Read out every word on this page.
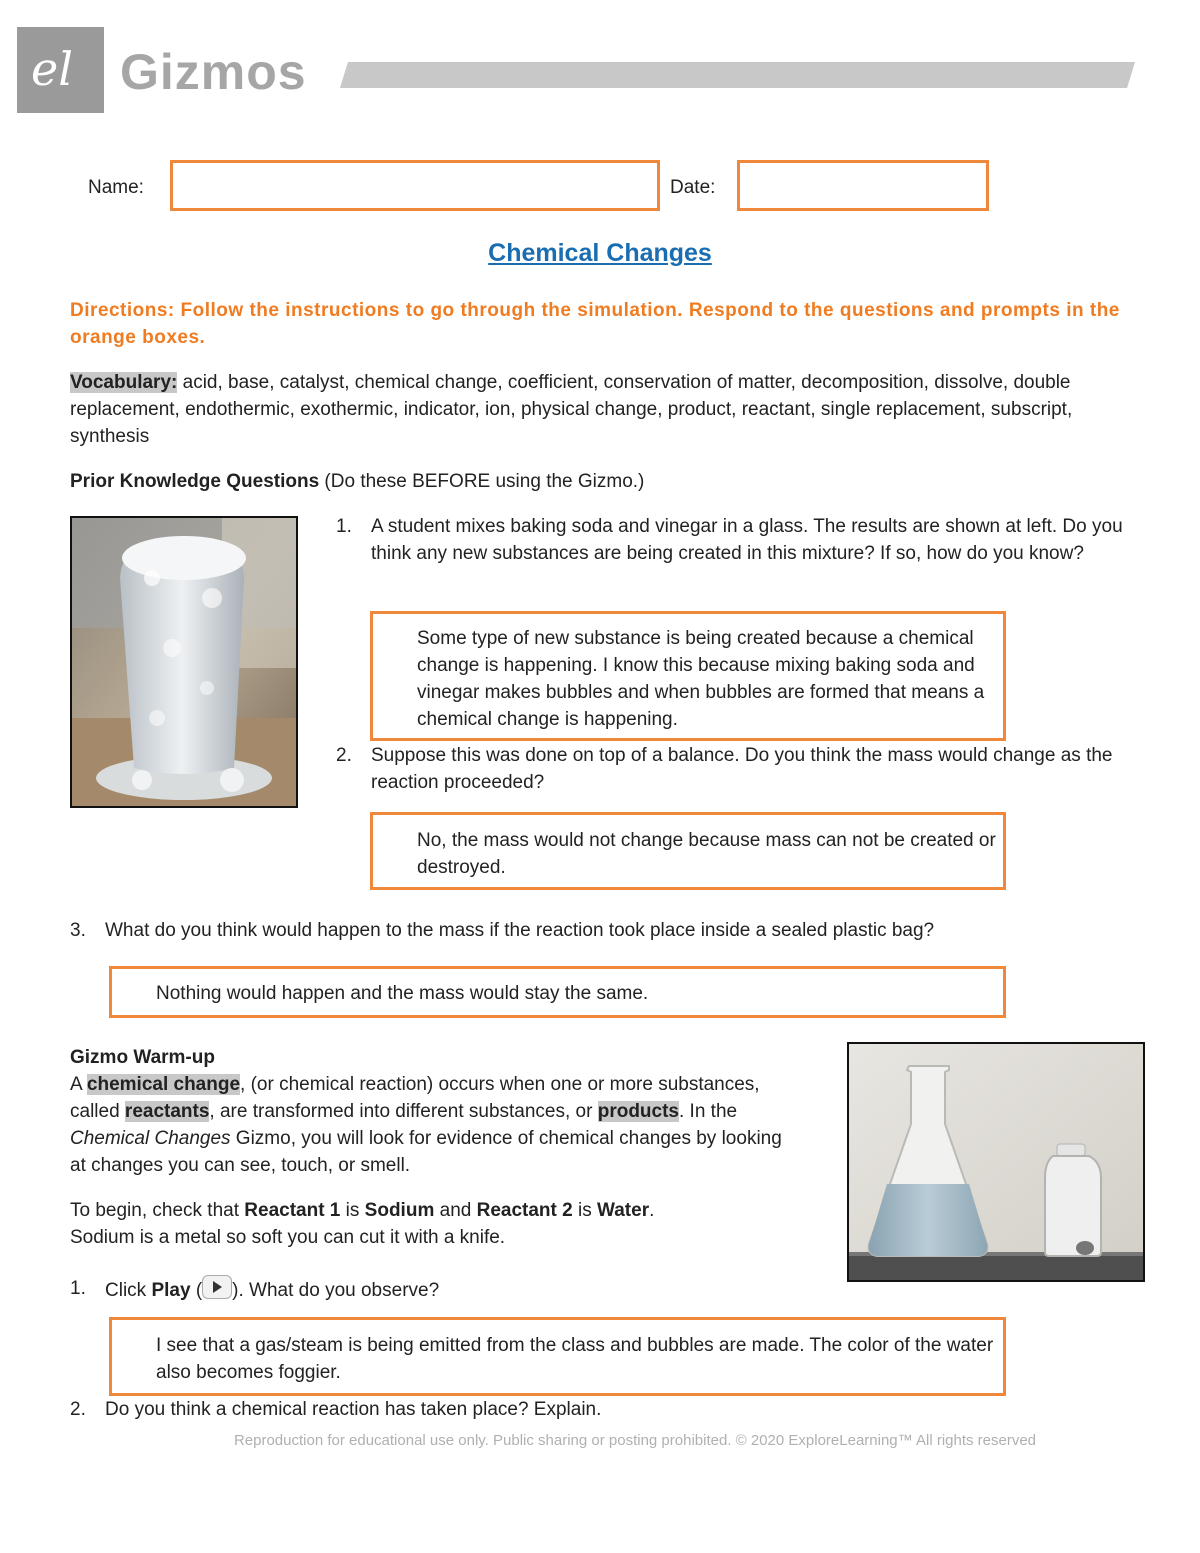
el Gizmos
Name:	Date:
Chemical Changes
Directions: Follow the instructions to go through the simulation. Respond to the questions and prompts in the orange boxes.
Vocabulary: acid, base, catalyst, chemical change, coefficient, conservation of matter, decomposition, dissolve, double replacement, endothermic, exothermic, indicator, ion, physical change, product, reactant, single replacement, subscript, synthesis
Prior Knowledge Questions (Do these BEFORE using the Gizmo.)
1. A student mixes baking soda and vinegar in a glass. The results are shown at left. Do you think any new substances are being created in this mixture? If so, how do you know?
Some type of new substance is being created because a chemical change is happening. I know this because mixing baking soda and vinegar makes bubbles and when bubbles are formed that means a chemical change is happening.
2. Suppose this was done on top of a balance. Do you think the mass would change as the reaction proceeded?
No, the mass would not change because mass can not be created or destroyed.
3. What do you think would happen to the mass if the reaction took place inside a sealed plastic bag?
Nothing would happen and the mass would stay the same.
Gizmo Warm-up
A chemical change, (or chemical reaction) occurs when one or more substances, called reactants, are transformed into different substances, or products. In the Chemical Changes Gizmo, you will look for evidence of chemical changes by looking at changes you can see, touch, or smell.
To begin, check that Reactant 1 is Sodium and Reactant 2 is Water.
Sodium is a metal so soft you can cut it with a knife.
1. Click Play ( ). What do you observe?
I see that a gas/steam is being emitted from the class and bubbles are made. The color of the water also becomes foggier.
2. Do you think a chemical reaction has taken place? Explain.
Reproduction for educational use only. Public sharing or posting prohibited. © 2020 ExploreLearning™ All rights reserved
